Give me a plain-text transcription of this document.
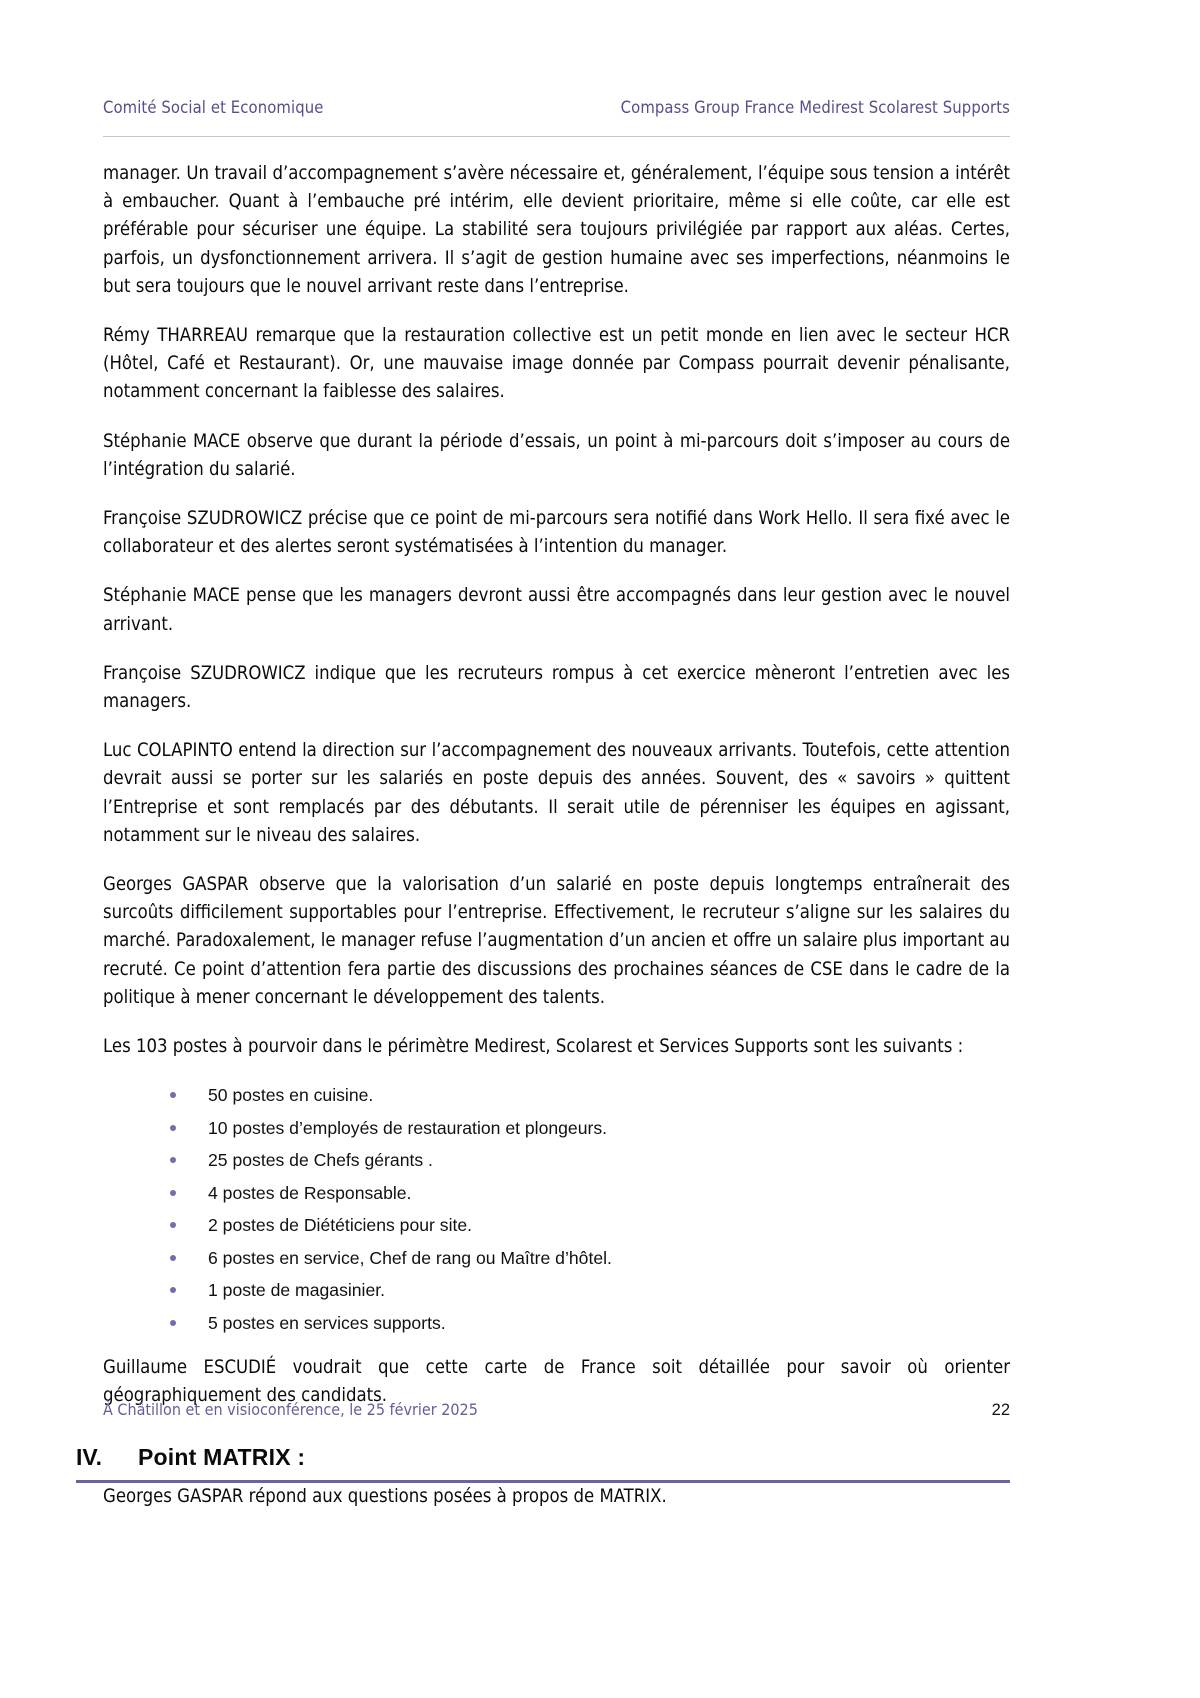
Comité Social et Economique	Compass Group France Medirest Scolarest Supports

manager. Un travail d’accompagnement s’avère nécessaire et, généralement, l’équipe sous tension a intérêt à embaucher. Quant à l’embauche pré intérim, elle devient prioritaire, même si elle coûte, car elle est préférable pour sécuriser une équipe. La stabilité sera toujours privilégiée par rapport aux aléas. Certes, parfois, un dysfonctionnement arrivera. Il s’agit de gestion humaine avec ses imperfections, néanmoins le but sera toujours que le nouvel arrivant reste dans l’entreprise.

Rémy THARREAU remarque que la restauration collective est un petit monde en lien avec le secteur HCR (Hôtel, Café et Restaurant). Or, une mauvaise image donnée par Compass pourrait devenir pénalisante, notamment concernant la faiblesse des salaires.

Stéphanie MACE observe que durant la période d’essais, un point à mi-parcours doit s’imposer au cours de l’intégration du salarié.

Françoise SZUDROWICZ précise que ce point de mi-parcours sera notifié dans Work Hello. Il sera fixé avec le collaborateur et des alertes seront systématisées à l’intention du manager.

Stéphanie MACE pense que les managers devront aussi être accompagnés dans leur gestion avec le nouvel arrivant.

Françoise SZUDROWICZ indique que les recruteurs rompus à cet exercice mèneront l’entretien avec les managers.

Luc COLAPINTO entend la direction sur l’accompagnement des nouveaux arrivants. Toutefois, cette attention devrait aussi se porter sur les salariés en poste depuis des années. Souvent, des « savoirs » quittent l’Entreprise et sont remplacés par des débutants. Il serait utile de pérenniser les équipes en agissant, notamment sur le niveau des salaires.

Georges GASPAR observe que la valorisation d’un salarié en poste depuis longtemps entraînerait des surcoûts difficilement supportables pour l’entreprise. Effectivement, le recruteur s’aligne sur les salaires du marché. Paradoxalement, le manager refuse l’augmentation d’un ancien et offre un salaire plus important au recruté. Ce point d’attention fera partie des discussions des prochaines séances de CSE dans le cadre de la politique à mener concernant le développement des talents.

Les 103 postes à pourvoir dans le périmètre Medirest, Scolarest et Services Supports sont les suivants :

50 postes en cuisine.
10 postes d’employés de restauration et plongeurs.
25 postes de Chefs gérants .
4 postes de Responsable.
2 postes de Diététiciens pour site.
6 postes en service, Chef de rang ou Maître d’hôtel.
1 poste de magasinier.
5 postes en services supports.

Guillaume ESCUDIÉ voudrait que cette carte de France soit détaillée pour savoir où orienter géographiquement des candidats.

IV.	Point MATRIX :

Georges GASPAR répond aux questions posées à propos de MATRIX.

À Châtillon et en visioconférence, le 25 février 2025	22
